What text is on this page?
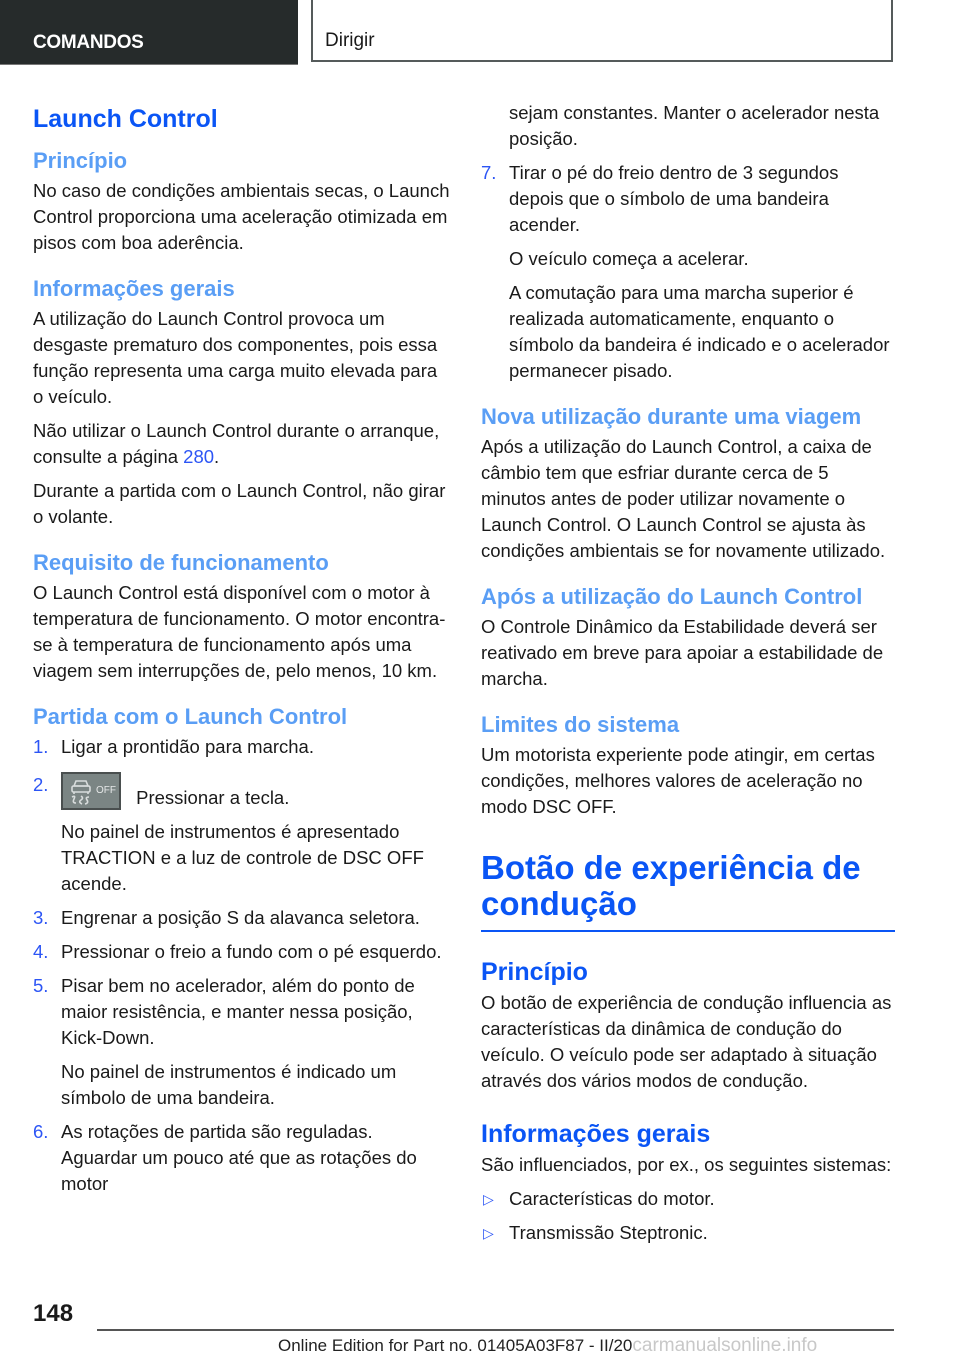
COMANDOS	Dirigir
Launch Control
Princípio

No caso de condições ambientais secas, o Launch Control proporciona uma aceleração otimizada em pisos com boa aderência.

Informações gerais

A utilização do Launch Control provoca um desgaste prematuro dos componentes, pois essa função representa uma carga muito elevada para o veículo.

Não utilizar o Launch Control durante o arranque, consulte a página 280.

Durante a partida com o Launch Control, não girar o volante.

Requisito de funcionamento

O Launch Control está disponível com o motor à temperatura de funcionamento. O motor encontra-se à temperatura de funcionamento após uma viagem sem interrupções de, pelo menos, 10 km.

Partida com o Launch Control
1. Ligar a prontidão para marcha.
2.	OFF Pressionar a tecla.

No painel de instrumentos é apresentado TRACTION e a luz de controle de DSC OFF acende.

3. Engrenar a posição S da alavanca seletora.
4. Pressionar o freio a fundo com o pé esquerdo.
5. Pisar bem no acelerador, além do ponto de maior resistência, e manter nessa posição, Kick-Down.

No painel de instrumentos é indicado um símbolo de uma bandeira.

6. As rotações de partida são reguladas. Aguardar um pouco até que as rotações do motor
sejam constantes. Manter o acelerador nesta posição.
7. Tirar o pé do freio dentro de 3 segundos depois que o símbolo de uma bandeira acender.

O veículo começa a acelerar.

A comutação para uma marcha superior é realizada automaticamente, enquanto o símbolo da bandeira é indicado e o acelerador permanecer pisado.

Nova utilização durante uma viagem

Após a utilização do Launch Control, a caixa de câmbio tem que esfriar durante cerca de 5 minutos antes de poder utilizar novamente o Launch Control. O Launch Control se ajusta às condições ambientais se for novamente utilizado.

Após a utilização do Launch Control

O Controle Dinâmico da Estabilidade deverá ser reativado em breve para apoiar a estabilidade de marcha.

Limites do sistema

Um motorista experiente pode atingir, em certas condições, melhores valores de aceleração no modo DSC OFF.

Botão de experiência de condução
Princípio

O botão de experiência de condução influencia as características da dinâmica de condução do veículo. O veículo pode ser adaptado à situação através dos vários modos de condução.

Informações gerais

São influenciados, por ex., os seguintes sistemas:

▷ Características do motor.
▷ Transmissão Steptronic.
148
Online Edition for Part no. 01405A03F87 - II/20carmanualsonline.info
